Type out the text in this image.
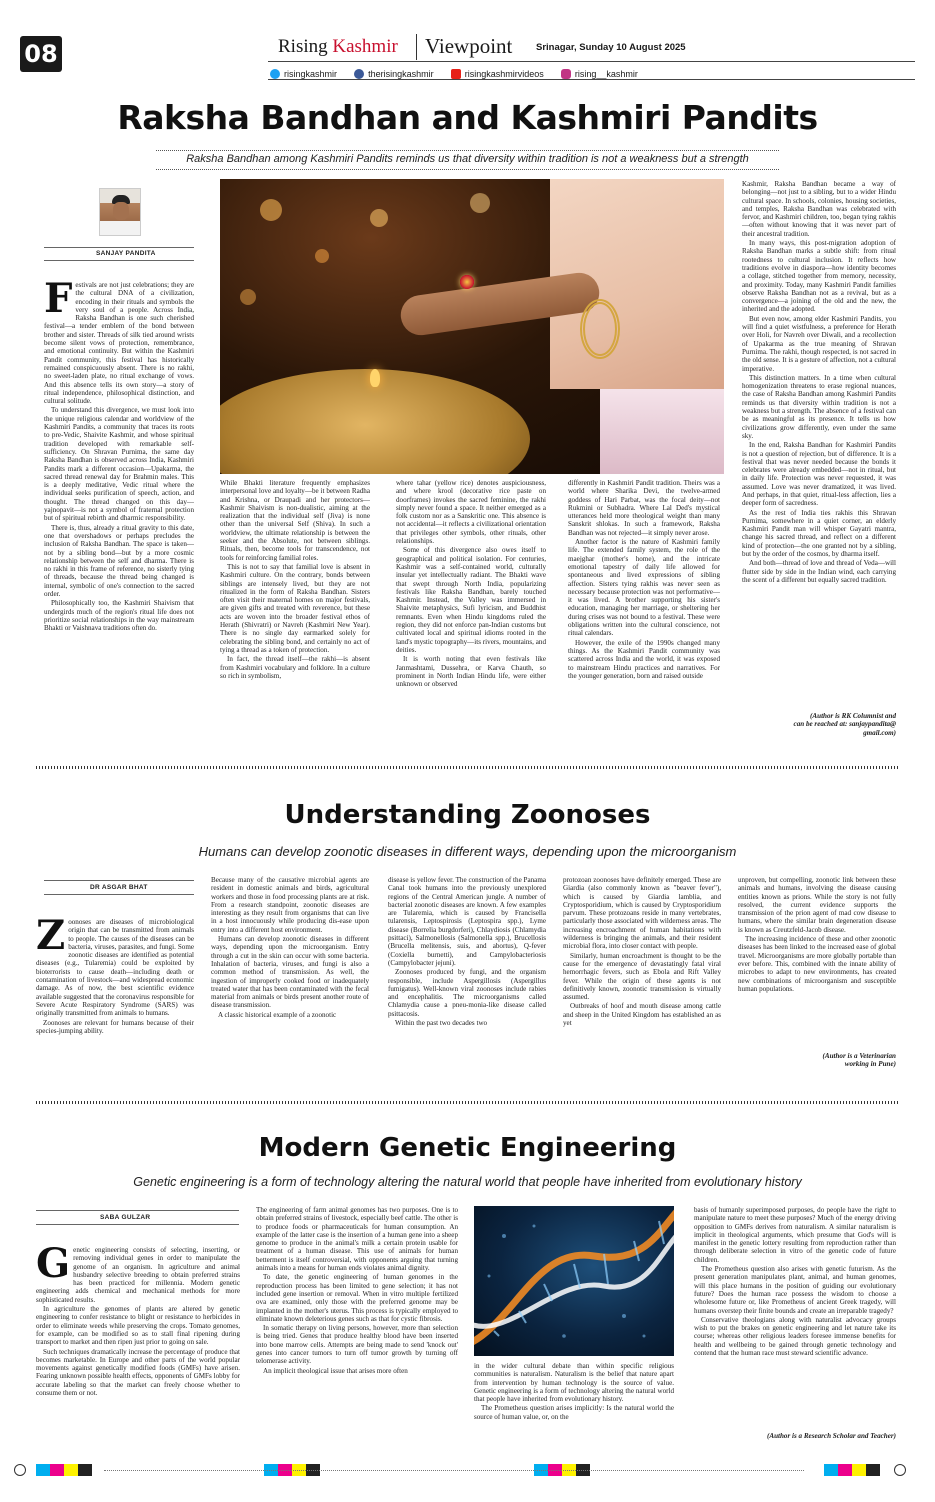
08	Rising Kashmir Viewpoint Srinagar, Sunday 10 August 2025
risingkashmir
	therisingkashmir
	risingkashmirvideos
	rising__kashmir
Raksha Bandhan and Kashmiri Pandits
Raksha Bandhan among Kashmiri Pandits reminds us that diversity within tradition is not a weakness but a strength
SANJAY PANDITA

Festivals are not just celebrations; they are the cultural DNA of a civilization, encoding in their rituals and symbols the very soul of a people. Across India, Raksha Bandhan is one such cherished festival—a tender emblem of the bond between brother and sister. Threads of silk tied around wrists become silent vows of protection, remembrance, and emotional continuity. But within the Kashmiri Pandit community, this festival has historically remained conspicuously absent. There is no rakhi, no sweet-laden plate, no ritual exchange of vows. And this absence tells its own story—a story of ritual independence, philosophical distinction, and cultural solitude.

To understand this divergence, we must look into the unique religious calendar and worldview of the Kashmiri Pandits, a community that traces its roots to pre-Vedic, Shaivite Kashmir, and whose spiritual tradition developed with remarkable self-sufficiency. On Shravan Purnima, the same day Raksha Bandhan is observed across India, Kashmiri Pandits mark a different occasion—Upakarma, the sacred thread renewal day for Brahmin males. This is a deeply meditative, Vedic ritual where the individual seeks purification of speech, action, and thought. The thread changed on this day—yajnopavit—is not a symbol of fraternal protection but of spiritual rebirth and dharmic responsibility.

There is, thus, already a ritual gravity to this date, one that overshadows or perhaps precludes the inclusion of Raksha Bandhan. The space is taken—not by a sibling bond—but by a more cosmic relationship between the self and dharma. There is no rakhi in this frame of reference, no sisterly tying of threads, because the thread being changed is internal, symbolic of one's connection to the sacred order.

Philosophically too, the Kashmiri Shaivism that undergirds much of the region's ritual life does not prioritize social relationships in the way mainstream Bhakti or Vaishnava traditions often do.

While Bhakti literature frequently emphasizes interpersonal love and loyalty—be it between Radha and Krishna, or Draupadi and her protectors—Kashmir Shaivism is non-dualistic, aiming at the realization that the individual self (Jiva) is none other than the universal Self (Shiva). In such a worldview, the ultimate relationship is between the seeker and the Absolute, not between siblings. Rituals, then, become tools for transcendence, not tools for reinforcing familial roles.

This is not to say that familial love is absent in Kashmiri culture. On the contrary, bonds between siblings are intensely lived, but they are not ritualized in the form of Raksha Bandhan. Sisters often visit their maternal homes on major festivals, are given gifts and treated with reverence, but these acts are woven into the broader festival ethos of Herath (Shivratri) or Navreh (Kashmiri New Year). There is no single day earmarked solely for celebrating the sibling bond, and certainly no act of tying a thread as a token of protection.

In fact, the thread itself—the rakhi—is absent from Kashmiri vocabulary and folklore. In a culture so rich in symbolism,

where tahar (yellow rice) denotes auspiciousness, and where krool (decorative rice paste on doorframes) invokes the sacred feminine, the rakhi simply never found a space. It neither emerged as a folk custom nor as a Sanskritic one. This absence is not accidental—it reflects a civilizational orientation that privileges other symbols, other rituals, other relationships.

Some of this divergence also owes itself to geographical and political isolation. For centuries, Kashmir was a self-contained world, culturally insular yet intellectually radiant. The Bhakti wave that swept through North India, popularizing festivals like Raksha Bandhan, barely touched Kashmir. Instead, the Valley was immersed in Shaivite metaphysics, Sufi lyricism, and Buddhist remnants. Even when Hindu kingdoms ruled the region, they did not enforce pan-Indian customs but cultivated local and spiritual idioms rooted in the land's mystic topography—its rivers, mountains, and deities.

It is worth noting that even festivals like Janmashtami, Dussehra, or Karva Chauth, so prominent in North Indian Hindu life, were either unknown or observed

differently in Kashmiri Pandit tradition. Theirs was a world where Sharika Devi, the twelve-armed goddess of Hari Parbat, was the focal deity—not Rukmini or Subhadra. Where Lal Ded's mystical utterances held more theological weight than many Sanskrit shlokas. In such a framework, Raksha Bandhan was not rejected—it simply never arose.

Another factor is the nature of Kashmiri family life. The extended family system, the role of the maejghar (mother's home), and the intricate emotional tapestry of daily life allowed for spontaneous and lived expressions of sibling affection. Sisters tying rakhis was never seen as necessary because protection was not performative—it was lived. A brother supporting his sister's education, managing her marriage, or sheltering her during crises was not bound to a festival. These were obligations written into the cultural conscience, not ritual calendars.

However, the exile of the 1990s changed many things. As the Kashmiri Pandit community was scattered across India and the world, it was exposed to mainstream Hindu practices and narratives. For the younger generation, born and raised outside

Kashmir, Raksha Bandhan became a way of belonging—not just to a sibling, but to a wider Hindu cultural space. In schools, colonies, housing societies, and temples, Raksha Bandhan was celebrated with fervor, and Kashmiri children, too, began tying rakhis—often without knowing that it was never part of their ancestral tradition.

In many ways, this post-migration adoption of Raksha Bandhan marks a subtle shift: from ritual rootedness to cultural inclusion. It reflects how traditions evolve in diaspora—how identity becomes a collage, stitched together from memory, necessity, and proximity. Today, many Kashmiri Pandit families observe Raksha Bandhan not as a revival, but as a convergence—a joining of the old and the new, the inherited and the adopted.

But even now, among elder Kashmiri Pandits, you will find a quiet wistfulness, a preference for Herath over Holi, for Navreh over Diwali, and a recollection of Upakarma as the true meaning of Shravan Purnima. The rakhi, though respected, is not sacred in the old sense. It is a gesture of affection, not a cultural imperative.

This distinction matters. In a time when cultural homogenization threatens to erase regional nuances, the case of Raksha Bandhan among Kashmiri Pandits reminds us that diversity within tradition is not a weakness but a strength. The absence of a festival can be as meaningful as its presence. It tells us how civilizations grow differently, even under the same sky.

In the end, Raksha Bandhan for Kashmiri Pandits is not a question of rejection, but of difference. It is a festival that was never needed because the bonds it celebrates were already embedded—not in ritual, but in daily life. Protection was never requested, it was assumed. Love was never dramatized, it was lived. And perhaps, in that quiet, ritual-less affection, lies a deeper form of sacredness.

As the rest of India ties rakhis this Shravan Purnima, somewhere in a quiet corner, an elderly Kashmiri Pandit man will whisper Gayatri mantra, change his sacred thread, and reflect on a different kind of protection—the one granted not by a sibling, but by the order of the cosmos, by dharma itself.

And both—thread of love and thread of Veda—will flutter side by side in the Indian wind, each carrying the scent of a different but equally sacred tradition.

(Author is RK Columnist and
can be reached at: sanjaypandita@
gmail.com)
Understanding Zoonoses
Humans can develop zoonotic diseases in different ways, depending upon the microorganism
DR ASGAR BHAT

Zoonoses are diseases of microbiological origin that can be transmitted from animals to people. The causes of the diseases can be bacteria, viruses, parasites, and fungi. Some zoonotic diseases are identified as potential diseases (e.g., Tularemia) could be exploited by bioterrorists to cause death—including death or contamination of livestock—and widespread economic damage. As of now, the best scientific evidence available suggested that the coronavirus responsible for Severe Acute Respiratory Syndrome (SARS) was originally transmitted from animals to humans.

Zoonoses are relevant for humans because of their species-jumping ability.

Because many of the causative microbial agents are resident in domestic animals and birds, agricultural workers and those in food processing plants are at risk. From a research standpoint, zoonotic diseases are interesting as they result from organisms that can live in a host innocuously while producing dis-ease upon entry into a different host environment.

Humans can develop zoonotic diseases in different ways, depending upon the microorganism. Entry through a cut in the skin can occur with some bacteria. Inhalation of bacteria, viruses, and fungi is also a common method of transmission. As well, the ingestion of improperly cooked food or inadequately treated water that has been contaminated with the fecal material from animals or birds present another route of disease transmission.

A classic historical example of a zoonotic

disease is yellow fever. The construction of the Panama Canal took humans into the previously unexplored regions of the Central American jungle. A number of bacterial zoonotic diseases are known. A few examples are Tularemia, which is caused by Francisella tularensis, Leptospirosis (Leptospira spp.), Lyme disease (Borrelia burgdorferi), Chlaydiosis (Chlamydia psittaci), Salmonellosis (Salmonella spp.), Brucellosis (Brucella melitensis, suis, and abortus), Q-fever (Coxiella burnetti), and Campylobacteriosis (Campylobacter jejuni).

Zoonoses produced by fungi, and the organism responsible, include Aspergillosis (Aspergillus fumigatus). Well-known viral zoonoses include rabies and encephalitis. The microorganisms called Chlamydia cause a pneu-monia-like disease called psittacosis.

Within the past two decades two

protozoan zoonoses have definitely emerged. These are Giardia (also commonly known as "beaver fever"), which is caused by Giardia lamblia, and Cryptosporidium, which is caused by Cryptosporidium parvum. These protozoans reside in many vertebrates, particularly those associated with wilderness areas. The increasing encroachment of human habitations with wilderness is bringing the animals, and their resident microbial flora, into closer contact with people.

Similarly, human encroachment is thought to be the cause for the emergence of devastatingly fatal viral hemorrhagic fevers, such as Ebola and Rift Valley fever. While the origin of these agents is not definitively known, zoonotic transmission is virtually assumed.

Outbreaks of hoof and mouth disease among cattle and sheep in the United Kingdom has established an as yet

unproven, but compelling, zoonotic link between these animals and humans, involving the disease causing entities known as prions. While the story is not fully resolved, the current evidence supports the transmission of the prion agent of mad cow disease to humans, where the similar brain degeneration disease is known as Creutzfeld-Jacob disease.

The increasing incidence of these and other zoonotic diseases has been linked to the increased ease of global travel. Microorganisms are more globally portable than ever before. This, combined with the innate ability of microbes to adapt to new environments, has created new combinations of microorganism and susceptible human populations.

(Author is a Veterinarian
working in Pune)
Modern Genetic Engineering
Genetic engineering is a form of technology altering the natural world that people have inherited from evolutionary history
SABA GULZAR

Genetic engineering consists of selecting, inserting, or removing individual genes in order to manipulate the genome of an organism. In agriculture and animal husbandry selective breeding to obtain preferred strains has been practiced for millennia. Modern genetic engineering adds chemical and mechanical methods for more sophisticated results.

In agriculture the genomes of plants are altered by genetic engineering to confer resistance to blight or resistance to herbicides in order to eliminate weeds while preserving the crops. Tomato genomes, for example, can be modified so as to stall final ripening during transport to market and then ripen just prior to going on sale.

Such techniques dramatically increase the percentage of produce that becomes marketable. In Europe and other parts of the world popular movements against genetically modified foods (GMFs) have arisen. Fearing unknown possible health effects, opponents of GMFs lobby for accurate labeling so that the market can freely choose whether to consume them or not.

The engineering of farm animal genomes has two purposes. One is to obtain preferred strains of livestock, especially beef cattle. The other is to produce foods or pharmaceuticals for human consumption. An example of the latter case is the insertion of a human gene into a sheep genome to produce in the animal's milk a certain protein usable for treatment of a human disease. This use of animals for human betterment is itself controversial, with opponents arguing that turning animals into a means for human ends violates animal dignity.

To date, the genetic engineering of human genomes in the reproduction process has been limited to gene selection; it has not included gene insertion or removal. When in vitro multiple fertilized ova are examined, only those with the preferred genome may be implanted in the mother's uterus. This process is typically employed to eliminate known deleterious genes such as that for cystic fibrosis.

In somatic therapy on living persons, however, more than selection is being tried. Genes that produce healthy blood have been inserted into bone marrow cells. Attempts are being made to send 'knock out' genes into cancer tumors to turn off tumor growth by turning off telomerase activity.

An implicit theological issue that arises more often

in the wider cultural debate than within specific religious communities is naturalism. Naturalism is the belief that nature apart from intervention by human technology is the source of value. Genetic engineering is a form of technology altering the natural world that people have inherited from evolutionary history.

The Prometheus question arises implicitly: Is the natural world the source of human value, or, on the

basis of humanly superimposed purposes, do people have the right to manipulate nature to meet these purposes? Much of the energy driving opposition to GMFs derives from naturalism. A similar naturalism is implicit in theological arguments, which presume that God's will is manifest in the genetic lottery resulting from reproduction rather than through deliberate selection in vitro of the genetic code of future children.

The Prometheus question also arises with genetic futurism. As the present generation manipulates plant, animal, and human genomes, will this place humans in the position of guiding our evolutionary future? Does the human race possess the wisdom to choose a wholesome future or, like Prometheus of ancient Greek tragedy, will humans overstep their finite bounds and create an irreparable tragedy?

Conservative theologians along with naturalist advocacy groups wish to put the brakes on genetic engineering and let nature take its course; whereas other religious leaders foresee immense benefits for health and wellbeing to be gained through genetic technology and contend that the human race must steward scientific advance.

(Author is a Research Scholar and Teacher)
